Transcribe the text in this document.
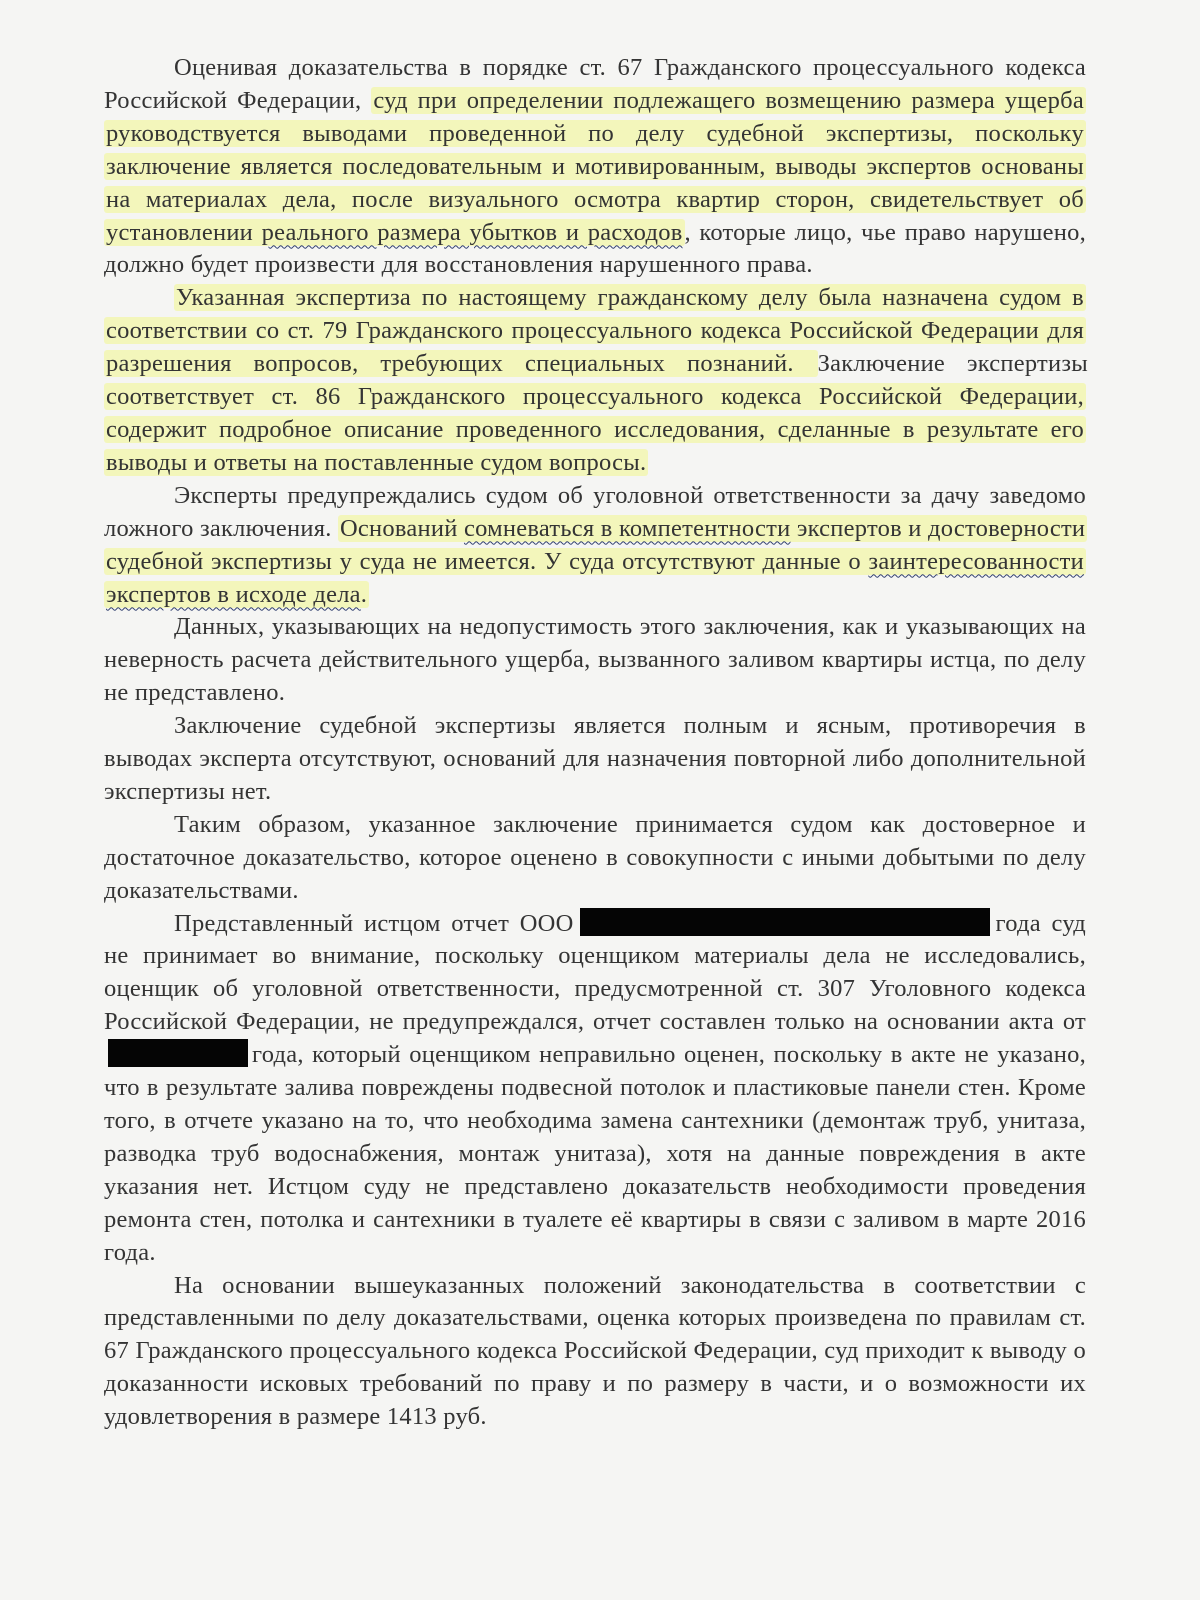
Оценивая доказательства в порядке ст. 67 Гражданского процессуального кодекса Российской Федерации, суд при определении подлежащего возмещению размера ущерба руководствуется выводами проведенной по делу судебной экспертизы, поскольку заключение является последовательным и мотивированным, выводы экспертов основаны на материалах дела, после визуального осмотра квартир сторон, свидетельствует об установлении реального размера убытков и расходов, которые лицо, чье право нарушено, должно будет произвести для восстановления нарушенного права.

Указанная экспертиза по настоящему гражданскому делу была назначена судом в соответствии со ст. 79 Гражданского процессуального кодекса Российской Федерации для разрешения вопросов, требующих специальных познаний. Заключение экспертизы соответствует ст. 86 Гражданского процессуального кодекса Российской Федерации, содержит подробное описание проведенного исследования, сделанные в результате его выводы и ответы на поставленные судом вопросы.

Эксперты предупреждались судом об уголовной ответственности за дачу заведомо ложного заключения. Оснований сомневаться в компетентности экспертов и достоверности судебной экспертизы у суда не имеется. У суда отсутствуют данные о заинтересованности экспертов в исходе дела.

Данных, указывающих на недопустимость этого заключения, как и указывающих на неверность расчета действительного ущерба, вызванного заливом квартиры истца, по делу не представлено.

Заключение судебной экспертизы является полным и ясным, противоречия в выводах эксперта отсутствуют, оснований для назначения повторной либо дополнительной экспертизы нет.

Таким образом, указанное заключение принимается судом как достоверное и достаточное доказательство, которое оценено в совокупности с иными добытыми по делу доказательствами.

Представленный истцом отчет ООО	года суд не принимает во внимание, поскольку оценщиком материалы дела не исследовались, оценщик об уголовной ответственности, предусмотренной ст. 307 Уголовного кодекса Российской Федерации, не предупреждался, отчет составлен только на основании акта отгода, который оценщиком неправильно оценен, поскольку в акте не указано, что в результате залива повреждены подвесной потолок и пластиковые панели стен. Кроме того, в отчете указано на то, что необходима замена сантехники (демонтаж труб, унитаза, разводка труб водоснабжения, монтаж унитаза), хотя на данные повреждения в акте указания нет. Истцом суду не представлено доказательств необходимости проведения ремонта стен, потолка и сантехники в туалете её квартиры в связи с заливом в марте 2016 года.

На основании вышеуказанных положений законодательства в соответствии с представленными по делу доказательствами, оценка которых произведена по правилам ст. 67 Гражданского процессуального кодекса Российской Федерации, суд приходит к выводу о доказанности исковых требований по праву и по размеру в части, и о возможности их удовлетворения в размере 1413 руб.
